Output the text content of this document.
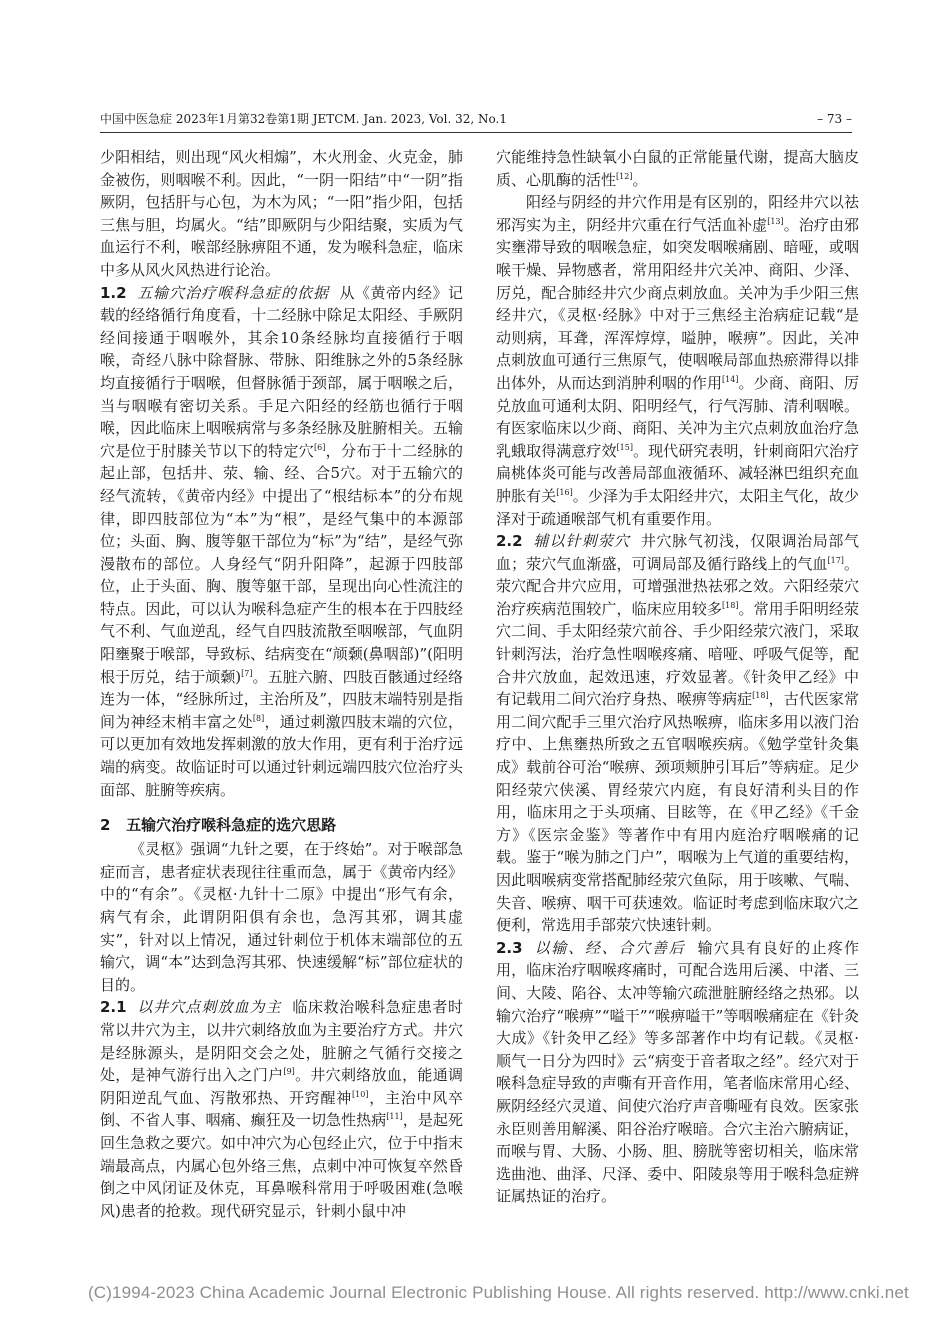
中国中医急症 2023年1月第32卷第1期 JETCM. Jan. 2023, Vol. 32, No.1	– 73 –

少阳相结，则出现“风火相煽”，木火刑金、火克金，肺金被伤，则咽喉不利。因此，“一阴一阳结”中“一阴”指厥阴，包括肝与心包，为木为风；“一阳”指少阳，包括三焦与胆，均属火。“结”即厥阴与少阳结聚，实质为气血运行不利，喉部经脉痹阻不通，发为喉科急症，临床中多从风火风热进行论治。

1.2 五输穴治疗喉科急症的依据 从《黄帝内经》记载的经络循行角度看，十二经脉中除足太阳经、手厥阴经间接通于咽喉外，其余10条经脉均直接循行于咽喉，奇经八脉中除督脉、带脉、阳维脉之外的5条经脉均直接循行于咽喉，但督脉循于颈部，属于咽喉之后，当与咽喉有密切关系。手足六阳经的经筋也循行于咽喉，因此临床上咽喉病常与多条经脉及脏腑相关。五输穴是位于肘膝关节以下的特定穴[6]，分布于十二经脉的起止部，包括井、荥、输、经、合5穴。对于五输穴的经气流转，《黄帝内经》中提出了“根结标本”的分布规律，即四肢部位为“本”为“根”，是经气集中的本源部位；头面、胸、腹等躯干部位为“标”为“结”，是经气弥漫散布的部位。人身经气“阴升阳降”，起源于四肢部位，止于头面、胸、腹等躯干部，呈现出向心性流注的特点。因此，可以认为喉科急症产生的根本在于四肢经气不利、气血逆乱，经气自四肢流散至咽喉部，气血阴阳壅聚于喉部，导致标、结病变在“颃颡(鼻咽部)”(阳明根于厉兑，结于颃颡)[7]。五脏六腑、四肢百骸通过经络连为一体，“经脉所过，主治所及”，四肢末端特别是指间为神经末梢丰富之处[8]，通过刺激四肢末端的穴位，可以更加有效地发挥刺激的放大作用，更有利于治疗远端的病变。故临证时可以通过针刺远端四肢穴位治疗头面部、脏腑等疾病。

2 五输穴治疗喉科急症的选穴思路

《灵枢》强调“九针之要，在于终始”。对于喉部急症而言，患者症状表现往往重而急，属于《黄帝内经》中的“有余”。《灵枢·九针十二原》中提出“形气有余，病气有余，此谓阴阳俱有余也，急泻其邪，调其虚实”，针对以上情况，通过针刺位于机体末端部位的五输穴，调“本”达到急泻其邪、快速缓解“标”部位症状的目的。

2.1 以井穴点刺放血为主 临床救治喉科急症患者时常以井穴为主，以井穴刺络放血为主要治疗方式。井穴是经脉源头，是阴阳交会之处，脏腑之气循行交接之处，是神气游行出入之门户[9]。井穴刺络放血，能通调阴阳逆乱气血、泻散邪热、开窍醒神[10]，主治中风卒倒、不省人事、咽痛、癫狂及一切急性热病[11]，是起死回生急救之要穴。如中冲穴为心包经止穴，位于中指末端最高点，内属心包外络三焦，点刺中冲可恢复卒然昏倒之中风闭证及休克，耳鼻喉科常用于呼吸困难(急喉风)患者的抢救。现代研究显示，针刺小鼠中冲

穴能维持急性缺氧小白鼠的正常能量代谢，提高大脑皮质、心肌酶的活性[12]。

阳经与阴经的井穴作用是有区别的，阳经井穴以祛邪泻实为主，阴经井穴重在行气活血补虚[13]。治疗由邪实壅滞导致的咽喉急症，如突发咽喉痛剧、暗哑，或咽喉干燥、异物感者，常用阳经井穴关冲、商阳、少泽、厉兑，配合肺经井穴少商点刺放血。关冲为手少阳三焦经井穴，《灵枢·经脉》中对于三焦经主治病症记载“是动则病，耳聋，浑浑焞焞，嗌肿，喉痹”。因此，关冲点刺放血可通行三焦原气，使咽喉局部血热瘀滞得以排出体外，从而达到消肿利咽的作用[14]。少商、商阳、厉兑放血可通利太阴、阳明经气，行气泻肺、清利咽喉。有医家临床以少商、商阳、关冲为主穴点刺放血治疗急乳蛾取得满意疗效[15]。现代研究表明，针刺商阳穴治疗扁桃体炎可能与改善局部血液循环、减轻淋巴组织充血肿胀有关[16]。少泽为手太阳经井穴，太阳主气化，故少泽对于疏通喉部气机有重要作用。

2.2 辅以针刺荥穴 井穴脉气初浅，仅限调治局部气血；荥穴气血渐盛，可调局部及循行路线上的气血[17]。荥穴配合井穴应用，可增强泄热祛邪之效。六阳经荥穴治疗疾病范围较广，临床应用较多[18]。常用手阳明经荥穴二间、手太阳经荥穴前谷、手少阳经荥穴液门，采取针刺泻法，治疗急性咽喉疼痛、喑哑、呼吸气促等，配合井穴放血，起效迅速，疗效显著。《针灸甲乙经》中有记载用二间穴治疗身热、喉痹等病症[18]，古代医家常用二间穴配手三里穴治疗风热喉痹，临床多用以液门治疗中、上焦壅热所致之五官咽喉疾病。《勉学堂针灸集成》载前谷可治“喉痹、颈项颊肿引耳后”等病症。足少阳经荥穴侠溪、胃经荥穴内庭，有良好清利头目的作用，临床用之于头项痛、目眩等，在《甲乙经》《千金方》《医宗金鉴》等著作中有用内庭治疗咽喉痛的记载。鉴于“喉为肺之门户”，咽喉为上气道的重要结构，因此咽喉病变常搭配肺经荥穴鱼际，用于咳嗽、气喘、失音、喉痹、咽干可获速效。临证时考虑到临床取穴之便利，常选用手部荥穴快速针刺。

2.3 以输、经、合穴善后 输穴具有良好的止疼作用，临床治疗咽喉疼痛时，可配合选用后溪、中渚、三间、大陵、陷谷、太冲等输穴疏泄脏腑经络之热邪。以输穴治疗“喉痹”“嗌干”“喉痹嗌干”等咽喉痛症在《针灸大成》《针灸甲乙经》等多部著作中均有记载。《灵枢·顺气一日分为四时》云“病变于音者取之经”。经穴对于喉科急症导致的声嘶有开音作用，笔者临床常用心经、厥阴经经穴灵道、间使穴治疗声音嘶哑有良效。医家张永臣则善用解溪、阳谷治疗喉暗。合穴主治六腑病证，而喉与胃、大肠、小肠、胆、膀胱等密切相关，临床常选曲池、曲泽、尺泽、委中、阳陵泉等用于喉科急症辨证属热证的治疗。

(C)1994-2023 China Academic Journal Electronic Publishing House. All rights reserved. http://www.cnki.net
